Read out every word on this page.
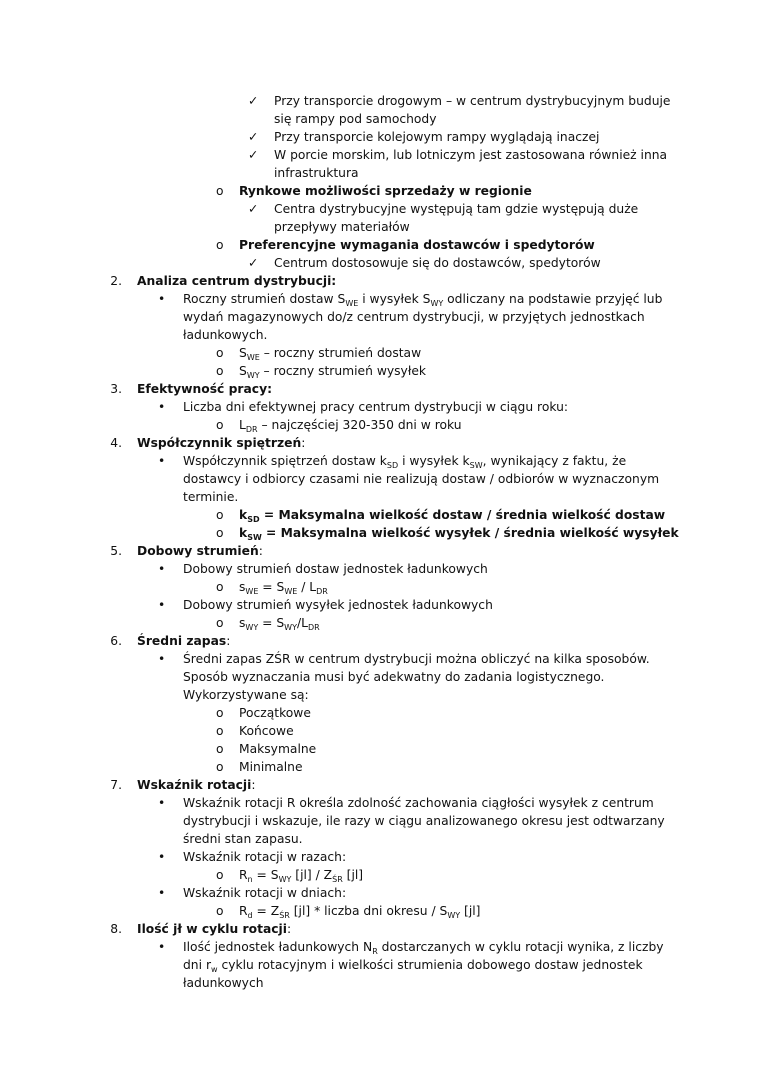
✓ Przy transporcie drogowym – w centrum dystrybucyjnym buduje
się rampy pod samochody
✓ Przy transporcie kolejowym rampy wyglądają inaczej
✓ W porcie morskim, lub lotniczym jest zastosowana również inna
infrastruktura
o Rynkowe możliwości sprzedaży w regionie
✓ Centra dystrybucyjne występują tam gdzie występują duże
przepływy materiałów
o Preferencyjne wymagania dostawców i spedytorów
✓ Centrum dostosowuje się do dostawców, spedytorów
2. Analiza centrum dystrybucji:
• Roczny strumień dostaw $S_{WE}$ i wysyłek $S_{WY}$ odliczany na podstawie przyjęć lub
wydań magazynowych do/z centrum dystrybucji, w przyjętych jednostkach
ładunkowych.
o $S_{WE}$ – roczny strumień dostaw
o $S_{WY}$ – roczny strumień wysyłek
3. Efektywność pracy:
• Liczba dni efektywnej pracy centrum dystrybucji w ciągu roku:
o $L_{DR}$ – najczęściej 320-350 dni w roku
4. Współczynnik spiętrzeń:
• Współczynnik spiętrzeń dostaw $k_{SD}$ i wysyłek $k_{SW}$, wynikający z faktu, że
dostawcy i odbiorcy czasami nie realizują dostaw / odbiorów w wyznaczonym
terminie.
o $k_{SD}$ = Maksymalna wielkość dostaw / średnia wielkość dostaw
o $k_{SW}$ = Maksymalna wielkość wysyłek / średnia wielkość wysyłek
5. Dobowy strumień:
• Dobowy strumień dostaw jednostek ładunkowych
o $s_{WE} = S_{WE} / L_{DR}$
• Dobowy strumień wysyłek jednostek ładunkowych
o $s_{WY} = S_{WY}/L_{DR}$
6. Średni zapas:
• Średni zapas ZŚR w centrum dystrybucji można obliczyć na kilka sposobów.
Sposób wyznaczania musi być adekwatny do zadania logistycznego.
Wykorzystywane są:
o Początkowe
o Końcowe
o Maksymalne
o Minimalne
7. Wskaźnik rotacji:
• Wskaźnik rotacji R określa zdolność zachowania ciągłości wysyłek z centrum
dystrybucji i wskazuje, ile razy w ciągu analizowanego okresu jest odtwarzany
średni stan zapasu.
• Wskaźnik rotacji w razach:
o $R_n = S_{WY}$ $[jl] / Z_{ŚR}$ [jl]
• Wskaźnik rotacji w dniach:
o $R_d = Z_{ŚR}$ [jl] * liczba dni okresu / $S_{WY}$ [jl]
8. Ilość jł w cyklu rotacji:
• Ilość jednostek ładunkowych $N_R$ dostarczanych w cyklu rotacji wynika, z liczby
dni $r_w$ cyklu rotacyjnym i wielkości strumienia dobowego dostaw jednostek
ładunkowych
